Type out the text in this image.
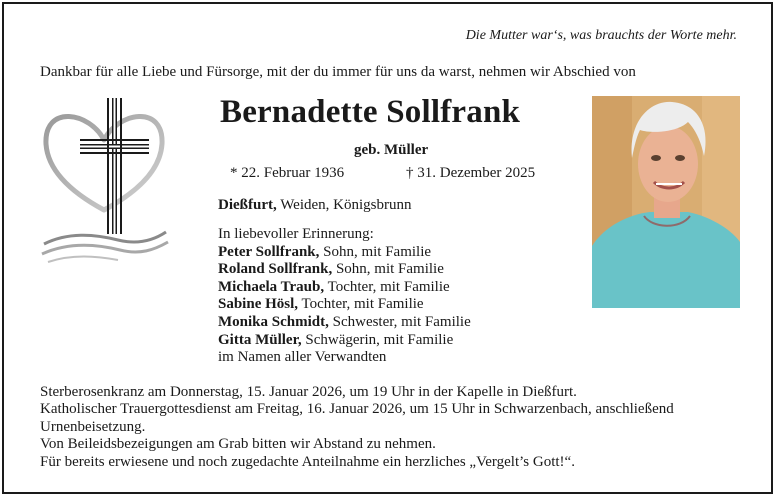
Die Mutter war‘s, was brauchts der Worte mehr.
Dankbar für alle Liebe und Fürsorge, mit der du immer für uns da warst, nehmen wir Abschied von
Bernadette Sollfrank
geb. Müller
* 22. Februar 1936	† 31. Dezember 2025
Dießfurt, Weiden, Königsbrunn
In liebevoller Erinnerung:
Peter Sollfrank, Sohn, mit Familie
Roland Sollfrank, Sohn, mit Familie
Michaela Traub, Tochter, mit Familie
Sabine Hösl, Tochter, mit Familie
Monika Schmidt, Schwester, mit Familie
Gitta Müller, Schwägerin, mit Familie
im Namen aller Verwandten
Sterberosenkranz am Donnerstag, 15. Januar 2026, um 19 Uhr in der Kapelle in Dießfurt.
Katholischer Trauergottesdienst am Freitag, 16. Januar 2026, um 15 Uhr in Schwarzenbach, anschließend
Urnenbeisetzung.
Von Beileidsbezeigungen am Grab bitten wir Abstand zu nehmen.
Für bereits erwiesene und noch zugedachte Anteilnahme ein herzliches „Vergelt’s Gott!“.
